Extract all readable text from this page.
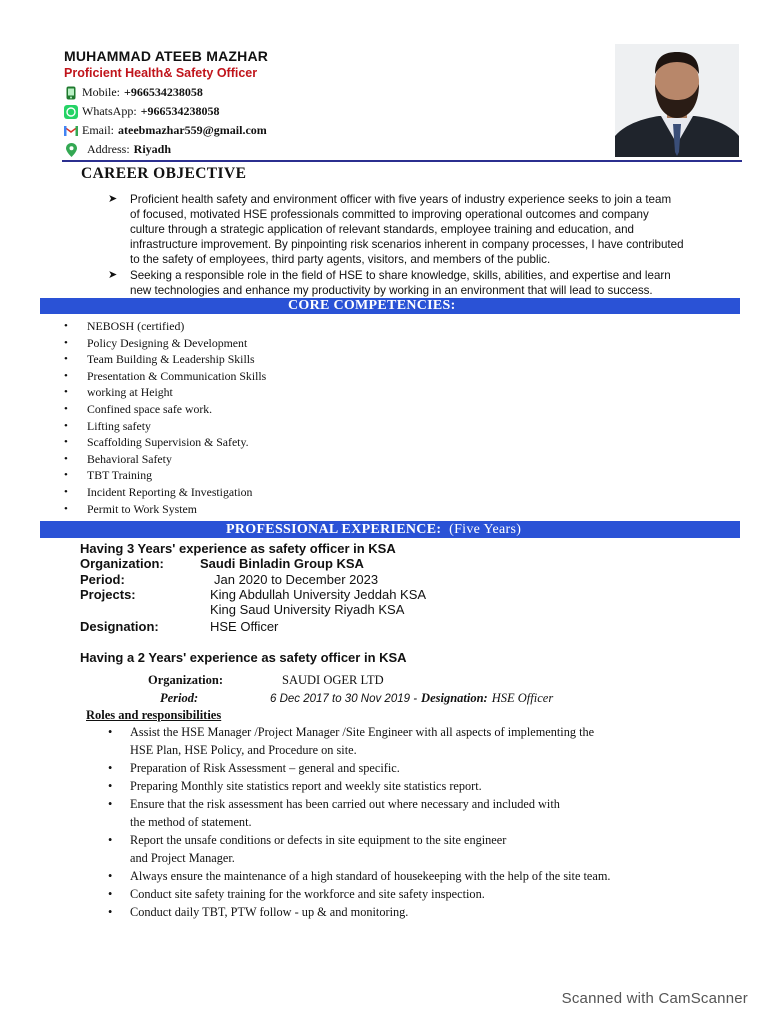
MUHAMMAD ATEEB MAZHAR
Proficient Health& Safety Officer
Mobile: +966534238058
WhatsApp: +966534238058
Email: ateebmazhar559@gmail.com
Address: Riyadh
CAREER OBJECTIVE
➤ Proficient health safety and environment officer with five years of industry experience seeks to join a team
of focused, motivated HSE professionals committed to improving operational outcomes and company
culture through a strategic application of relevant standards, employee training and education, and
infrastructure improvement. By pinpointing risk scenarios inherent in company processes, I have contributed
to the safety of employees, third party agents, visitors, and members of the public.
➤ Seeking a responsible role in the field of HSE to share knowledge, skills, abilities, and expertise and learn
new technologies and enhance my productivity by working in an environment that will lead to success.
CORE COMPETENCIES:
• NEBOSH (certified)
• Policy Designing & Development
• Team Building & Leadership Skills
• Presentation & Communication Skills
• working at Height
• Confined space safe work.
• Lifting safety
• Scaffolding Supervision & Safety.
• Behavioral Safety
• TBT Training
• Incident Reporting & Investigation
• Permit to Work System
PROFESSIONAL EXPERIENCE: (Five Years)
Having 3 Years' experience as safety officer in KSA
Organization:	Saudi Binladin Group KSA
Period:	Jan 2020 to December 2023
Projects:	King Abdullah University Jeddah KSA
King Saud University Riyadh KSA
Designation:	HSE Officer
Having a 2 Years' experience as safety officer in KSA
Organization:	SAUDI OGER LTD
Period:	6 Dec 2017 to 30 Nov 2019 - Designation: HSE Officer
Roles and responsibilities
• Assist the HSE Manager /Project Manager /Site Engineer with all aspects of implementing the
HSE Plan, HSE Policy, and Procedure on site.
• Preparation of Risk Assessment – general and specific.
• Preparing Monthly site statistics report and weekly site statistics report.
• Ensure that the risk assessment has been carried out where necessary and included with
the method of statement.
• Report the unsafe conditions or defects in site equipment to the site engineer
and Project Manager.
• Always ensure the maintenance of a high standard of housekeeping with the help of the site team.
• Conduct site safety training for the workforce and site safety inspection.
• Conduct daily TBT, PTW follow - up & and monitoring.
Scanned with CamScanner
